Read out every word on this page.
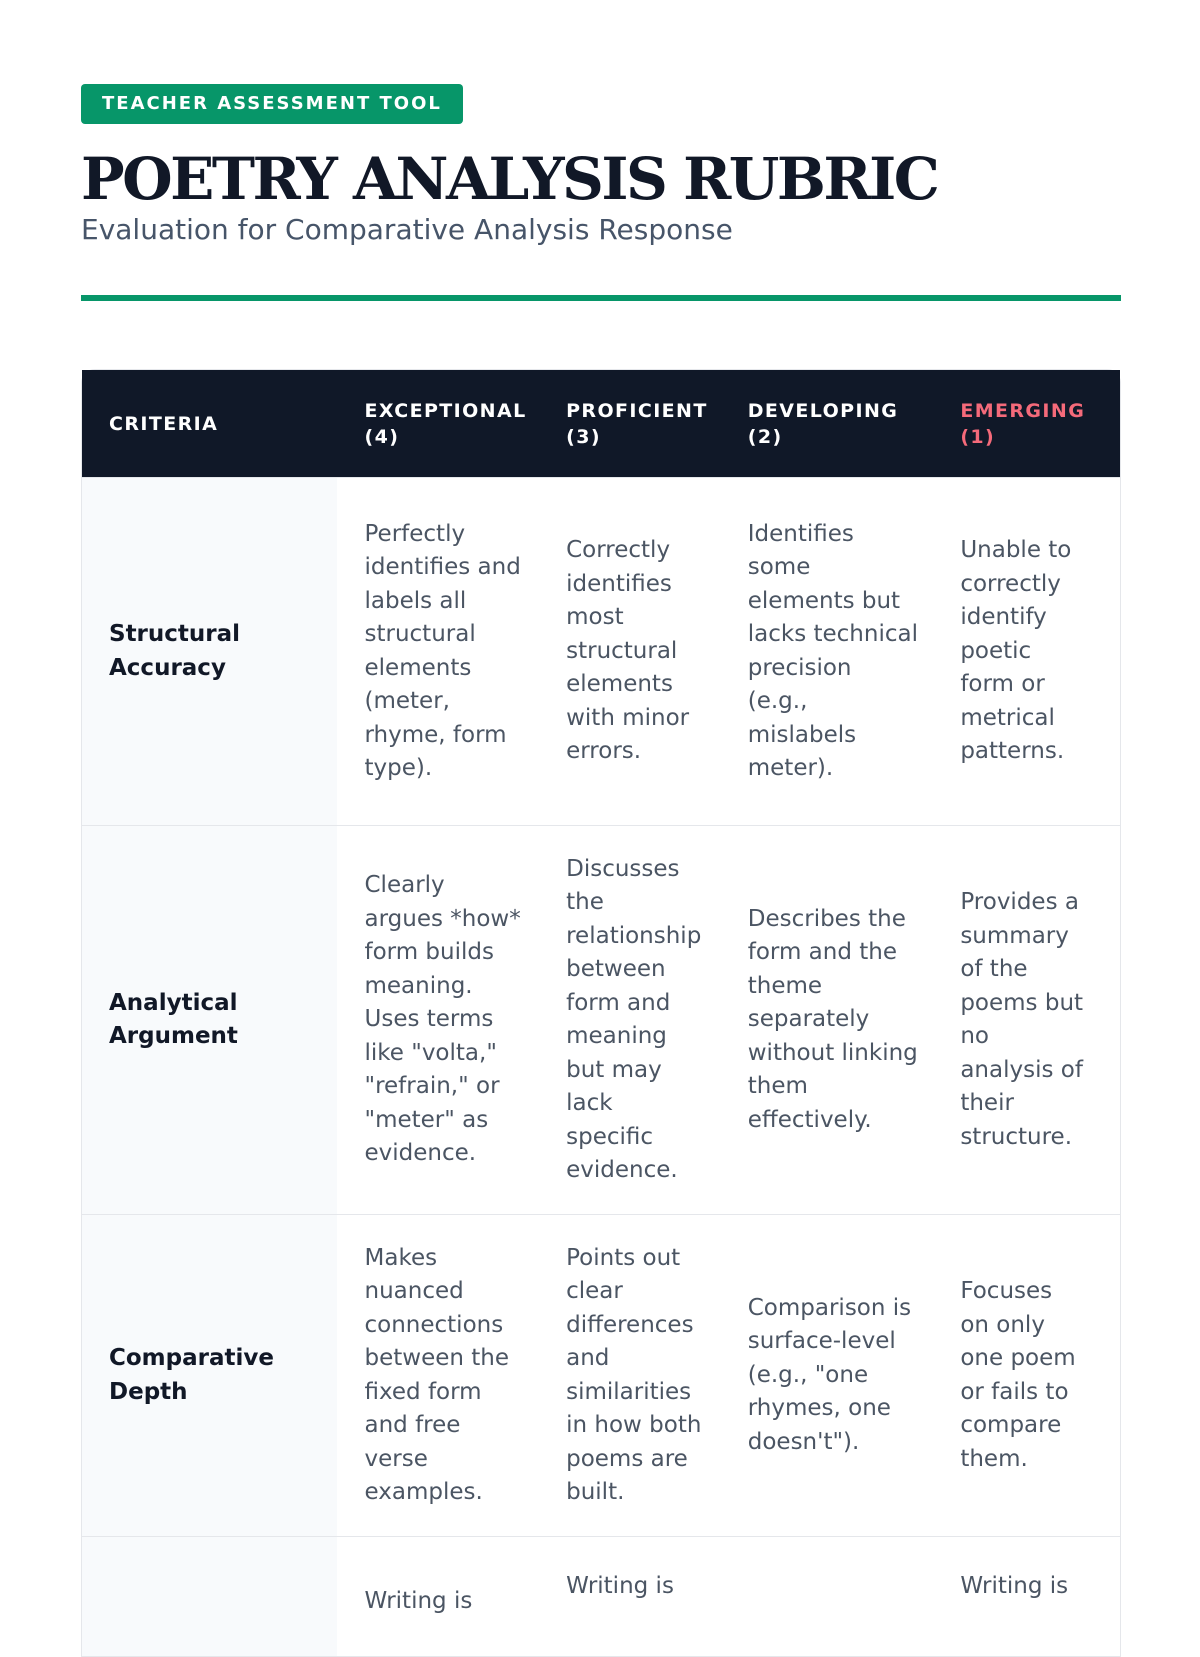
TEACHER ASSESSMENT TOOL
POETRY ANALYSIS RUBRIC
Evaluation for Comparative Analysis Response
CRITERIA
EXCEPTIONAL
(4)
PROFICIENT
(3)
DEVELOPING
(2)
EMERGING
(1)
Structural Accuracy
Perfectly identifies and labels all structural elements (meter, rhyme, form type).
Correctly identifies most structural elements with minor errors.
Identifies some elements but lacks technical precision (e.g., mislabels meter).
Unable to correctly identify poetic form or metrical patterns.
Analytical Argument
Clearly argues *how* form builds meaning. Uses terms like "volta," "refrain," or "meter" as evidence.
Discusses the relationship between form and meaning but may lack specific evidence.
Describes the form and the theme separately without linking them effectively.
Provides a summary of the poems but no analysis of their structure.
Comparative Depth
Makes nuanced connections between the fixed form and free verse examples.
Points out clear differences and similarities in how both poems are built.
Comparison is surface-level (e.g., "one rhymes, one doesn't").
Focuses on only one poem or fails to compare them.
Writing is
Writing is	Writing is
